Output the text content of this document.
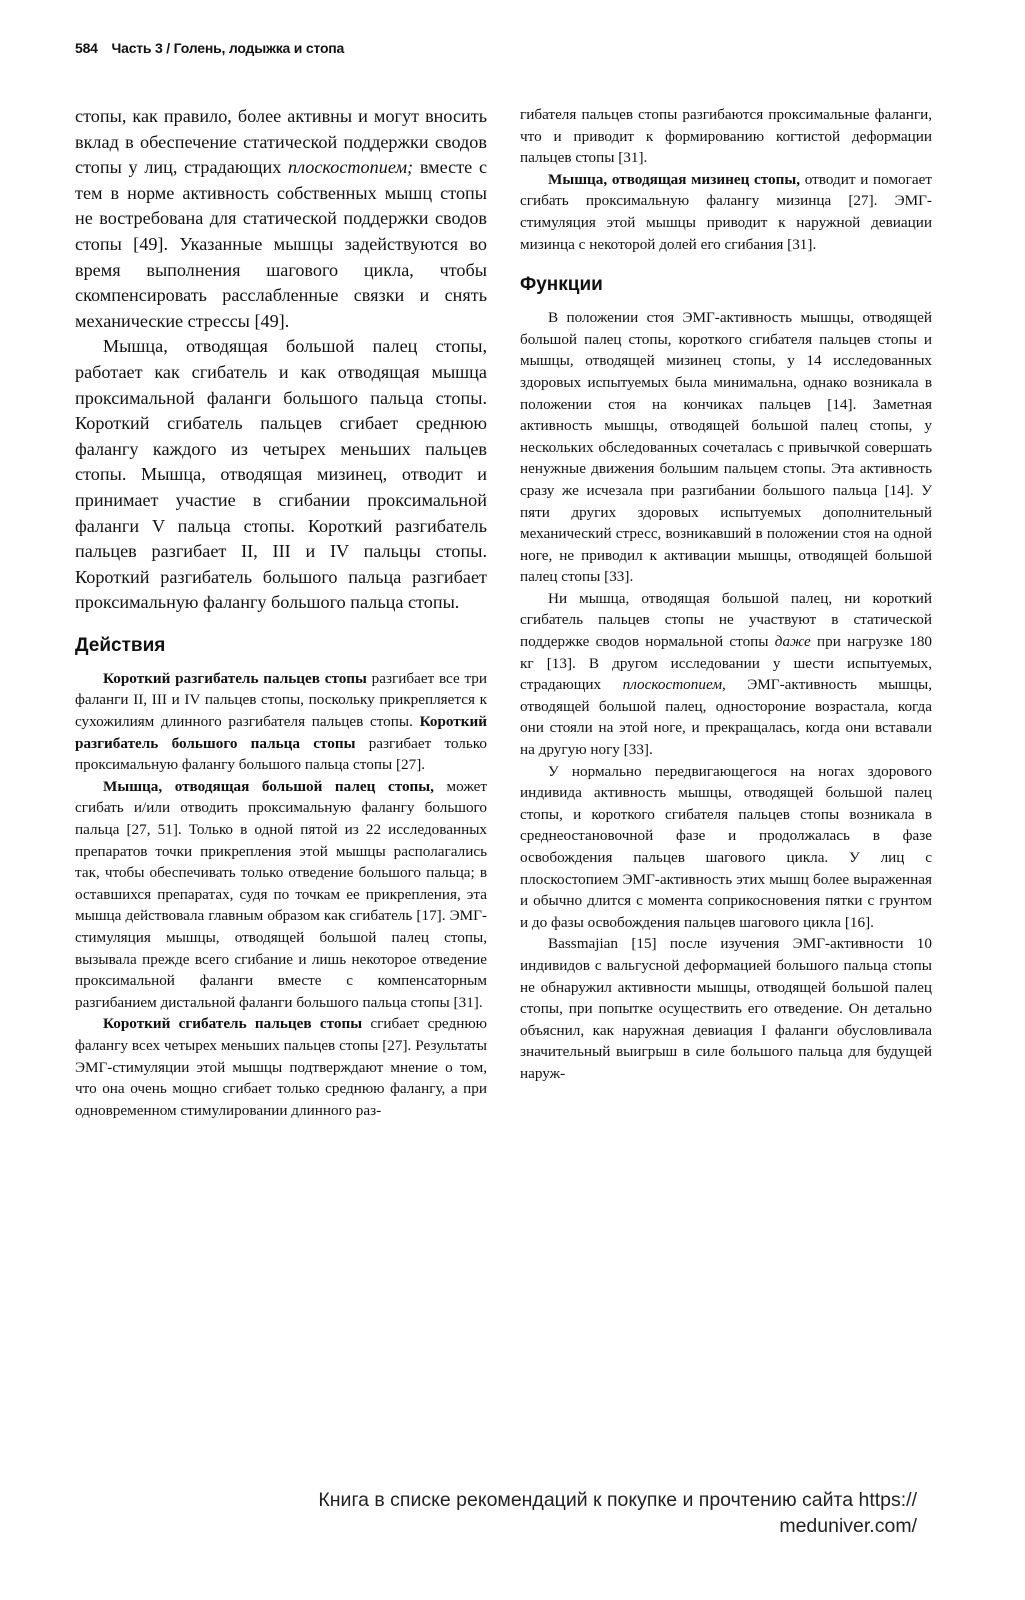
584 Часть 3 / Голень, лодыжка и стопа

стопы, как правило, более активны и могут вносить вклад в обеспечение статической поддержки сводов стопы у лиц, страдающих плоскостопием; вместе с тем в норме активность собственных мышц стопы не востребована для статической поддержки сводов стопы [49]. Указанные мышцы задействуются во время выполнения шагового цикла, чтобы скомпенсировать расслабленные связки и снять механические стрессы [49].

Мышца, отводящая большой палец стопы, работает как сгибатель и как отводящая мышца проксимальной фаланги большого пальца стопы. Короткий сгибатель пальцев сгибает среднюю фалангу каждого из четырех меньших пальцев стопы. Мышца, отводящая мизинец, отводит и принимает участие в сгибании проксимальной фаланги V пальца стопы. Короткий разгибатель пальцев разгибает II, III и IV пальцы стопы. Короткий разгибатель большого пальца разгибает проксимальную фалангу большого пальца стопы.

Действия

Короткий разгибатель пальцев стопы разгибает все три фаланги II, III и IV пальцев стопы, поскольку прикрепляется к сухожилиям длинного разгибателя пальцев стопы. Короткий разгибатель большого пальца стопы разгибает только проксимальную фалангу большого пальца стопы [27].

Мышца, отводящая большой палец стопы, может сгибать и/или отводить проксимальную фалангу большого пальца [27, 51]. Только в одной пятой из 22 исследованных препаратов точки прикрепления этой мышцы располагались так, чтобы обеспечивать только отведение большого пальца; в оставшихся препаратах, судя по точкам ее прикрепления, эта мышца действовала главным образом как сгибатель [17]. ЭМГ-стимуляция мышцы, отводящей большой палец стопы, вызывала прежде всего сгибание и лишь некоторое отведение проксимальной фаланги вместе с компенсаторным разгибанием дистальной фаланги большого пальца стопы [31].

Короткий сгибатель пальцев стопы сгибает среднюю фалангу всех четырех меньших пальцев стопы [27]. Результаты ЭМГ-стимуляции этой мышцы подтверждают мнение о том, что она очень мощно сгибает только среднюю фалангу, а при одновременном стимулировании длинного раз-

гибателя пальцев стопы разгибаются проксимальные фаланги, что и приводит к формированию когтистой деформации пальцев стопы [31].

Мышца, отводящая мизинец стопы, отводит и помогает сгибать проксимальную фалангу мизинца [27]. ЭМГ-стимуляция этой мышцы приводит к наружной девиации мизинца с некоторой долей его сгибания [31].

Функции

В положении стоя ЭМГ-активность мышцы, отводящей большой палец стопы, короткого сгибателя пальцев стопы и мышцы, отводящей мизинец стопы, у 14 исследованных здоровых испытуемых была минимальна, однако возникала в положении стоя на кончиках пальцев [14]. Заметная активность мышцы, отводящей большой палец стопы, у нескольких обследованных сочеталась с привычкой совершать ненужные движения большим пальцем стопы. Эта активность сразу же исчезала при разгибании большого пальца [14]. У пяти других здоровых испытуемых дополнительный механический стресс, возникавший в положении стоя на одной ноге, не приводил к активации мышцы, отводящей большой палец стопы [33].

Ни мышца, отводящая большой палец, ни короткий сгибатель пальцев стопы не участвуют в статической поддержке сводов нормальной стопы даже при нагрузке 180 кг [13]. В другом исследовании у шести испытуемых, страдающих плоскостопием, ЭМГ-активность мышцы, отводящей большой палец, одностороние возрастала, когда они стояли на этой ноге, и прекращалась, когда они вставали на другую ногу [33].

У нормально передвигающегося на ногах здорового индивида активность мышцы, отводящей большой палец стопы, и короткого сгибателя пальцев стопы возникала в среднеостановочной фазе и продолжалась в фазе освобождения пальцев шагового цикла. У лиц с плоскостопием ЭМГ-активность этих мышц более выраженная и обычно длится с момента соприкосновения пятки с грунтом и до фазы освобождения пальцев шагового цикла [16].

Bassmajian [15] после изучения ЭМГ-активности 10 индивидов с вальгусной деформацией большого пальца стопы не обнаружил активности мышцы, отводящей большой палец стопы, при попытке осуществить его отведение. Он детально объяснил, как наружная девиация I фаланги обусловливала значительный выигрыш в силе большого пальца для будущей наруж-

Книга в списке рекомендаций к покупке и прочтению сайта https://
meduniver.com/
